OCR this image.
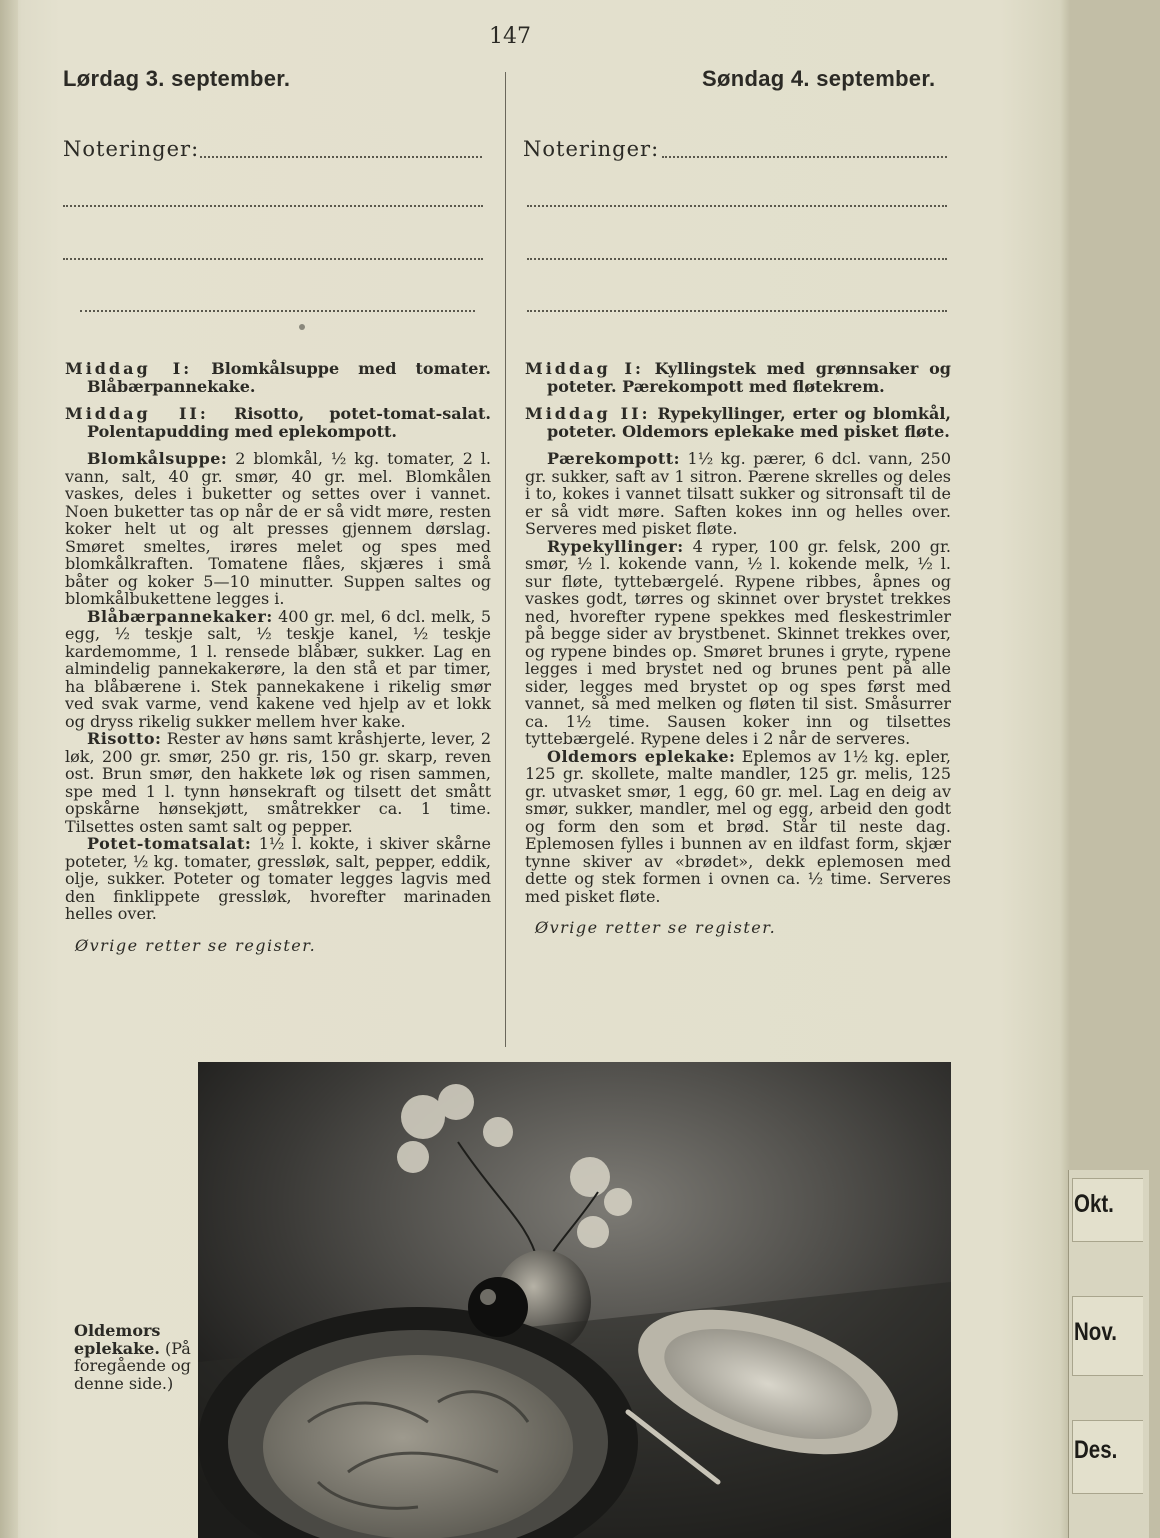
147
Lørdag 3. september.
Noteringer:

Middag I: Blomkålsuppe med tomater. Blåbærpannekake.

Middag II: Risotto, potet-tomat-salat. Polentapudding med eplekompott.

Blomkålsuppe: 2 blomkål, ½ kg. tomater, 2 l. vann, salt, 40 gr. smør, 40 gr. mel. Blomkålen vaskes, deles i buketter og settes over i vannet. Noen buketter tas op når de er så vidt møre, resten koker helt ut og alt presses gjennem dørslag. Smøret smeltes, irøres melet og spes med blomkålkraften. Tomatene flåes, skjæres i små båter og koker 5—10 minutter. Suppen saltes og blomkålbukettene legges i.

Blåbærpannekaker: 400 gr. mel, 6 dcl. melk, 5 egg, ½ teskje salt, ½ teskje kanel, ½ teskje kardemomme, 1 l. rensede blåbær, sukker. Lag en almindelig pannekakerøre, la den stå et par timer, ha blåbærene i. Stek pannekakene i rikelig smør ved svak varme, vend kakene ved hjelp av et lokk og dryss rikelig sukker mellem hver kake.

Risotto: Rester av høns samt kråshjerte, lever, 2 løk, 200 gr. smør, 250 gr. ris, 150 gr. skarp, reven ost. Brun smør, den hakkete løk og risen sammen, spe med 1 l. tynn hønsekraft og tilsett det smått opskårne hønsekjøtt, småtrekker ca. 1 time. Tilsettes osten samt salt og pepper.

Potet-tomatsalat: 1½ l. kokte, i skiver skårne poteter, ½ kg. tomater, gressløk, salt, pepper, eddik, olje, sukker. Poteter og tomater legges lagvis med den finklippete gressløk, hvorefter marinaden helles over.

Øvrige retter se register.

Søndag 4. september.
Noteringer:

Middag I: Kyllingstek med grønnsaker og poteter. Pærekompott med fløtekrem.

Middag II: Rypekyllinger, erter og blomkål, poteter. Oldemors eplekake med pisket fløte.

Pærekompott: 1½ kg. pærer, 6 dcl. vann, 250 gr. sukker, saft av 1 sitron. Pærene skrelles og deles i to, kokes i vannet tilsatt sukker og sitronsaft til de er så vidt møre. Saften kokes inn og helles over. Serveres med pisket fløte.

Rypekyllinger: 4 ryper, 100 gr. felsk, 200 gr. smør, ½ l. kokende vann, ½ l. kokende melk, ½ l. sur fløte, tyttebærgelé. Rypene ribbes, åpnes og vaskes godt, tørres og skinnet over brystet trekkes ned, hvorefter rypene spekkes med fleskestrimler på begge sider av brystbenet. Skinnet trekkes over, og rypene bindes op. Smøret brunes i gryte, rypene legges i med brystet ned og brunes pent på alle sider, legges med brystet op og spes først med vannet, så med melken og fløten til sist. Småsurrer ca. 1½ time. Sausen koker inn og tilsettes tyttebærgelé. Rypene deles i 2 når de serveres.

Oldemors eplekake: Eplemos av 1½ kg. epler, 125 gr. skollete, malte mandler, 125 gr. melis, 125 gr. utvasket smør, 1 egg, 60 gr. mel. Lag en deig av smør, sukker, mandler, mel og egg, arbeid den godt og form den som et brød. Står til neste dag. Eplemosen fylles i bunnen av en ildfast form, skjær tynne skiver av «brødet», dekk eplemosen med dette og stek formen i ovnen ca. ½ time. Serveres med pisket fløte.

Øvrige retter se register.

Oldemors eplekake. (På foregående og denne side.)
Okt.
Nov.
Des.
